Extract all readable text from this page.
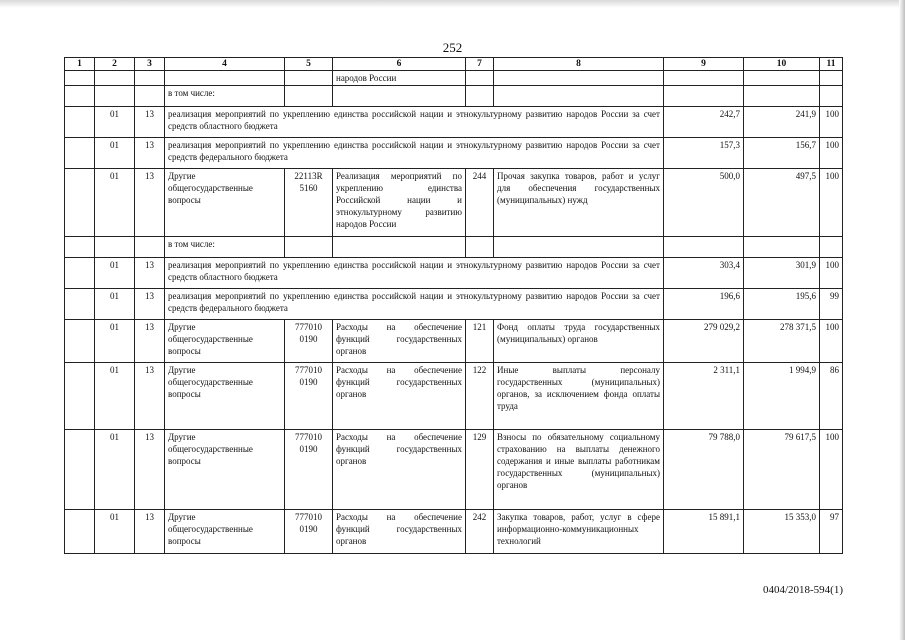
252
1	2	3	4	5	6	7	8	9	10	11
					народов России					
			в том числе:							
	01	13	реализация мероприятий по укреплению единства российской нации и этнокультурному развитию народов России за счет средств областного бюджета					242,7	241,9	100
	01	13	реализация мероприятий по укреплению единства российской нации и этнокультурному развитию народов России за счет средств федерального бюджета					157,3	156,7	100
	01	13	Другие общегосударственные вопросы	22113R 5160	Реализация мероприятий по укреплению единства Российской нации и этнокультурному развитию народов России	244	Прочая закупка товаров, работ и услуг для обеспечения государственных (муниципальных) нужд	500,0	497,5	100
			в том числе:							
	01	13	реализация мероприятий по укреплению единства российской нации и этнокультурному развитию народов России за счет средств областного бюджета					303,4	301,9	100
	01	13	реализация мероприятий по укреплению единства российской нации и этнокультурному развитию народов России за счет средств федерального бюджета					196,6	195,6	99
	01	13	Другие общегосударственные вопросы	777010 0190	Расходы на обеспечение функций государственных органов	121	Фонд оплаты труда государственных (муниципальных) органов	279 029,2	278 371,5	100
	01	13	Другие общегосударственные вопросы	777010 0190	Расходы на обеспечение функций государственных органов	122	Иные выплаты персоналу государственных (муниципальных) органов, за исключением фонда оплаты труда	2 311,1	1 994,9	86
	01	13	Другие общегосударственные вопросы	777010 0190	Расходы на обеспечение функций государственных органов	129	Взносы по обязательному социальному страхованию на выплаты денежного содержания и иные выплаты работникам государственных (муниципальных) органов	79 788,0	79 617,5	100
	01	13	Другие общегосударственные вопросы	777010 0190	Расходы на обеспечение функций государственных органов	242	Закупка товаров, работ, услуг в сфере информационно-коммуникационных технологий	15 891,1	15 353,0	97
0404/2018-594(1)
